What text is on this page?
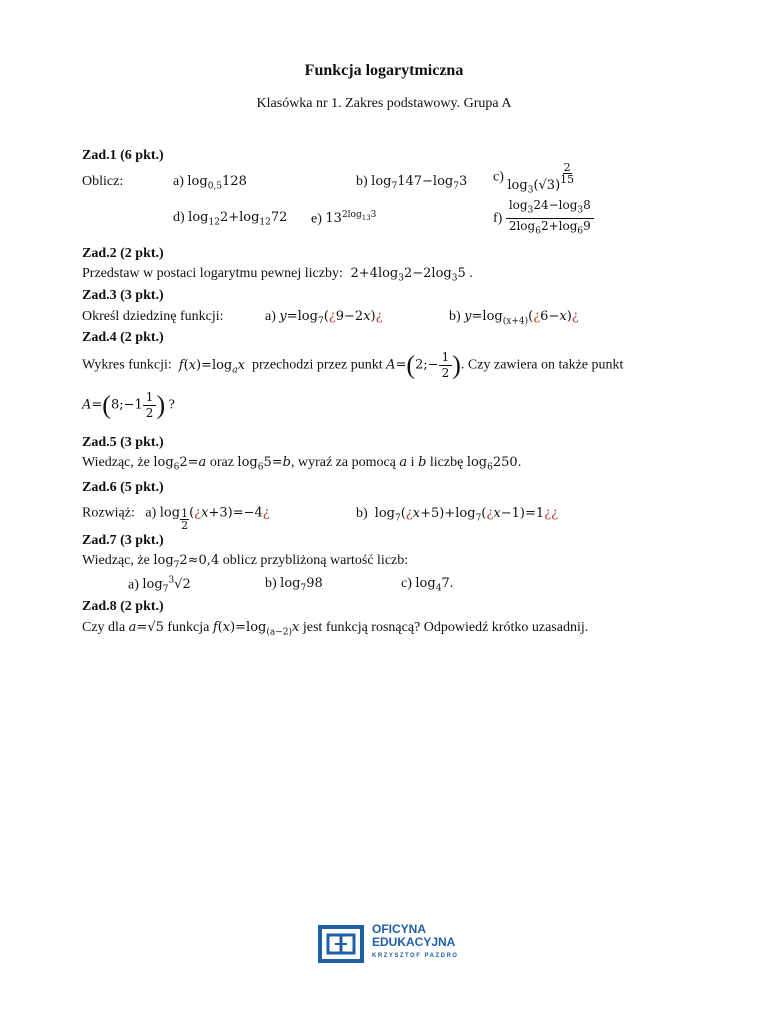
Funkcja logarytmiczna
Klasówka nr 1. Zakres podstawowy. Grupa A
Zad.1 (6 pkt.)
Oblicz:	a) $\log_{0,5}128$	b) $\log_7147-\log_73$ c) $\log_3(√3)$
$\frac{2}{15}$
d) $\log_{12}2+\log_{12}72$ e) $13^{2log_{13}3}$	$f) \frac{\log_324-\log_38}{2\log_62+\log_69}$
Zad.2 (2 pkt.)
Przedstaw w postaci logarytmu pewnej liczby:  $2+4\log_32-2\log_35$ .
Zad.3 (3 pkt.)
Określ dziedzinę funkcji:	a) $y=\log_7(¿9-2x)¿$	b) $y=\log_{(x+4)}(¿6-x)¿$
Zad.4 (2 pkt.)
Wykres funkcji: $f(x)=\log_ax$ przechodzi przez punkt A=(2;− $\frac{1}{2}$ ). Czy zawiera on także punkt
A=(8;−1 $\frac{1}{2}$ ) ?
Zad.5 (3 pkt.)
Wiedząc, że $\log_62=a$ oraz $\log_65=b$, wyraź za pomocą a i b liczbę $\log_6250$.
Zad.6 (5 pkt.)
Rozwiąż: a) $\log \frac{1}{2}$ (¿x+3)=−4¿	b) $\log_7(¿x+5)+\log_7(¿x-1)=1¿¿$
Zad.7 (3 pkt.)
Wiedząc, że $\log_72\approx 0,4$ oblicz przybliżoną wartość liczb:
a) $\log_7^3√2$	b) $\log_798$	c) $\log_47$.
Zad.8 (2 pkt.)
Czy dla a=√5 funkcja $f(x)=\log_{(a-2)}x$ jest funkcją rosnącą? Odpowiedź krótko uzasadnij.
OFICYNA
EDUKACYJNA
KRZYSZTOF PAZDRO
